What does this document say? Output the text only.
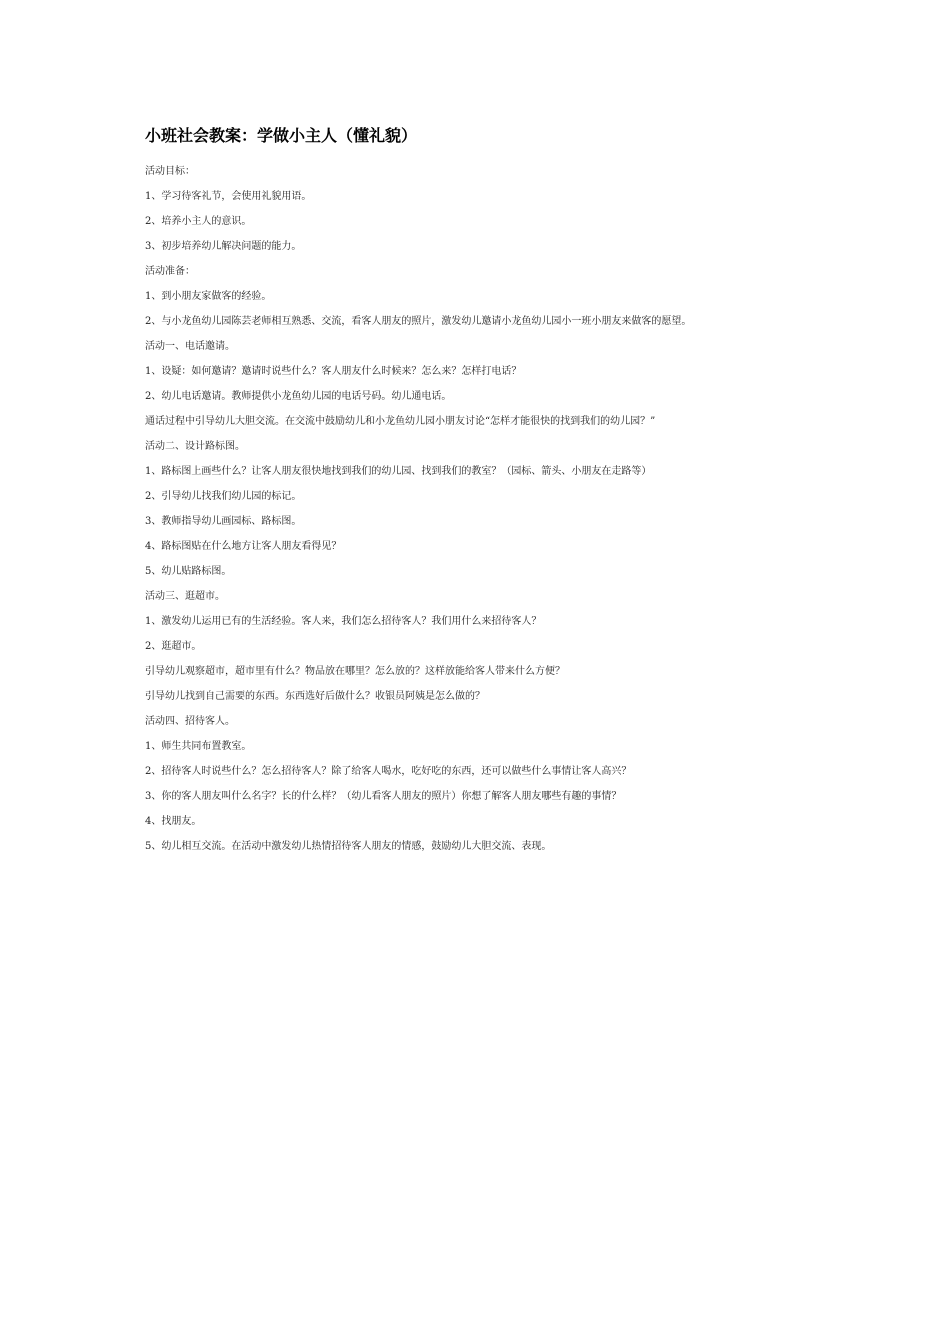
小班社会教案：学做小主人（懂礼貌）

活动目标：

1、学习待客礼节，会使用礼貌用语。

2、培养小主人的意识。

3、初步培养幼儿解决问题的能力。

活动准备：

1、到小朋友家做客的经验。

2、与小龙鱼幼儿园陈芸老师相互熟悉、交流，看客人朋友的照片，激发幼儿邀请小龙鱼幼儿园小一班小朋友来做客的愿望。

活动一、电话邀请。

1、设疑：如何邀请？邀请时说些什么？客人朋友什么时候来？怎么来？怎样打电话？

2、幼儿电话邀请。教师提供小龙鱼幼儿园的电话号码。幼儿通电话。

通话过程中引导幼儿大胆交流。在交流中鼓励幼儿和小龙鱼幼儿园小朋友讨论“怎样才能很快的找到我们的幼儿园？”

活动二、设计路标图。

1、路标图上画些什么？让客人朋友很快地找到我们的幼儿园、找到我们的教室？（园标、箭头、小朋友在走路等）

2、引导幼儿找我们幼儿园的标记。

3、教师指导幼儿画园标、路标图。

4、路标图贴在什么地方让客人朋友看得见？

5、幼儿贴路标图。

活动三、逛超市。

1、激发幼儿运用已有的生活经验。客人来，我们怎么招待客人？我们用什么来招待客人？

2、逛超市。

引导幼儿观察超市，超市里有什么？物品放在哪里？怎么放的？这样放能给客人带来什么方便？

引导幼儿找到自己需要的东西。东西选好后做什么？收银员阿姨是怎么做的？

活动四、招待客人。

1、师生共同布置教室。

2、招待客人时说些什么？怎么招待客人？除了给客人喝水，吃好吃的东西，还可以做些什么事情让客人高兴？

3、你的客人朋友叫什么名字？长的什么样？（幼儿看客人朋友的照片）你想了解客人朋友哪些有趣的事情？

4、找朋友。

5、幼儿相互交流。在活动中激发幼儿热情招待客人朋友的情感，鼓励幼儿大胆交流、表现。
